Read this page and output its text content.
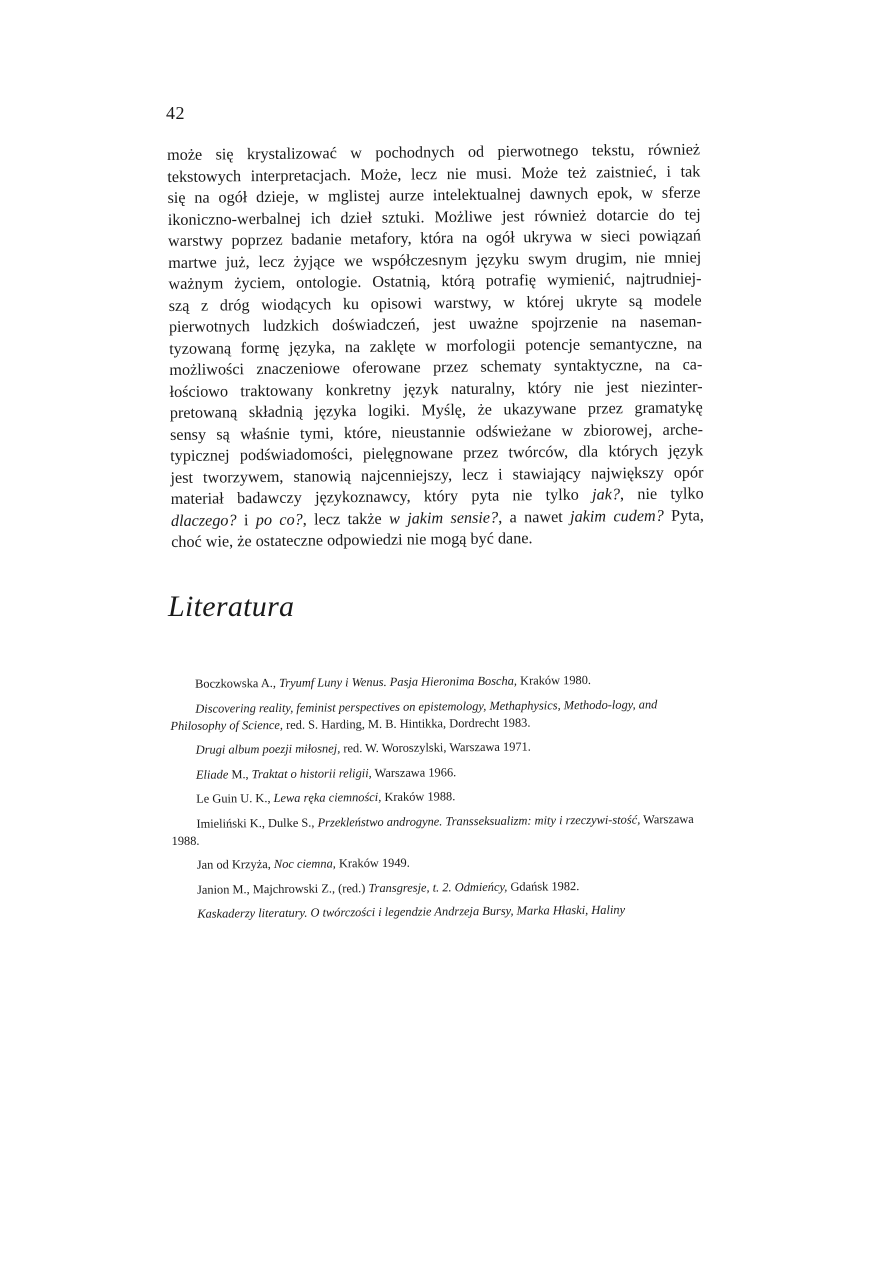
42
może się krystalizować w pochodnych od pierwotnego tekstu, również
tekstowych interpretacjach. Może, lecz nie musi. Może też zaistnieć, i tak
się na ogół dzieje, w mglistej aurze intelektualnej dawnych epok, w sferze
ikoniczno-werbalnej ich dzieł sztuki. Możliwe jest również dotarcie do tej
warstwy poprzez badanie metafory, która na ogół ukrywa w sieci powiązań
martwe już, lecz żyjące we współczesnym języku swym drugim, nie mniej
ważnym życiem, ontologie. Ostatnią, którą potrafię wymienić, najtrudniej-
szą z dróg wiodących ku opisowi warstwy, w której ukryte są modele
pierwotnych ludzkich doświadczeń, jest uważne spojrzenie na naseman-
tyzowaną formę języka, na zaklęte w morfologii potencje semantyczne, na
możliwości znaczeniowe oferowane przez schematy syntaktyczne, na ca-
łościowo traktowany konkretny język naturalny, który nie jest niezinter-
pretowaną składnią języka logiki. Myślę, że ukazywane przez gramatykę
sensy są właśnie tymi, które, nieustannie odświeżane w zbiorowej, arche-
typicznej podświadomości, pielęgnowane przez twórców, dla których język
jest tworzywem, stanowią najcenniejszy, lecz i stawiający największy opór
materiał badawczy językoznawcy, który pyta nie tylko jak?, nie tylko
dlaczego? i po co?, lecz także w jakim sensie?, a nawet jakim cudem? Pyta,
choć wie, że ostateczne odpowiedzi nie mogą być dane.
Literatura

Boczkowska A., Tryumf Luny i Wenus. Pasja Hieronima Boscha, Kraków 1980.

Discovering reality, feminist perspectives on epistemology, Methaphysics, Methodo-logy, and Philosophy of Science, red. S. Harding, M. B. Hintikka, Dordrecht 1983.

Drugi album poezji miłosnej, red. W. Woroszylski, Warszawa 1971.

Eliade M., Traktat o historii religii, Warszawa 1966.

Le Guin U. K., Lewa ręka ciemności, Kraków 1988.

Imieliński K., Dulke S., Przekleństwo androgyne. Transseksualizm: mity i rzeczywi-stość, Warszawa 1988.

Jan od Krzyża, Noc ciemna, Kraków 1949.

Janion M., Majchrowski Z., (red.) Transgresje, t. 2. Odmieńcy, Gdańsk 1982.

Kaskaderzy literatury. O twórczości i legendzie Andrzeja Bursy, Marka Hłaski, Haliny
